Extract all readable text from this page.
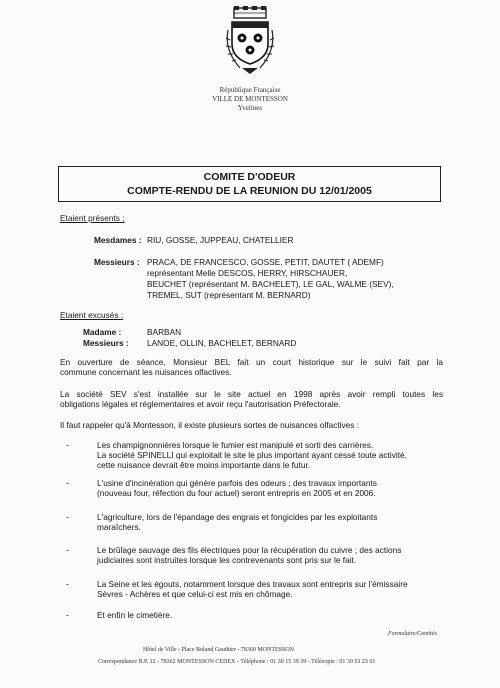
République Française
VILLE DE MONTESSON
Yvelines
COMITE D'ODEUR
COMPTE-RENDU DE LA REUNION DU 12/01/2005
Etaient présents :
Mesdames : RIU, GOSSE, JUPPEAU, CHATELLIER
Messieurs : PRACA, DE FRANCESCO, GOSSE, PETIT, DAUTET ( ADEMF)
représentant Melle DESCOS, HERRY, HIRSCHAUER,
BEUCHET (représentant M. BACHELET), LE GAL, WALME (SEV),
TREMEL, SUT (représentant M. BERNARD)
Etaient excusés :
Madame :	BARBAN
Messieurs : LANOE, OLLIN, BACHELET, BERNARD
En ouverture de séance, Monsieur BEL fait un court historique sur le suivi fait par la
commune concernant les nuisances olfactives.
La société SEV s'est installée sur le site actuel en 1998 après avoir rempli toutes les
obligations légales et réglementaires et avoir reçu l'autorisation Préfectorale.
Il faut rappeler qu'à Montesson, il existe plusieurs sortes de nuisances olfactives :
-	Les champignonnières lorsque le fumier est manipulé et sorti des carrières.
La société SPINELLI qui exploitait le site le plus important ayant cessé toute activité,
cette nuisance devrait être moins importante dans le futur.
-	L'usine d'incinération qui génère parfois des odeurs ; des travaux importants
(nouveau four, réfection du four actuel) seront entrepris en 2005 et en 2006.
-	L'agriculture, lors de l'épandage des engrais et fongicides par les exploitants
maraîchers.
-	Le brûlage sauvage des fils électriques pour la récupération du cuivre ; des actions
judiciaires sont instruites lorsque les contrevenants sont pris sur le fait.
-	La Seine et les égouts, notamment lorsque des travaux sont entrepris sur l'émissaire
Sèvres - Achères et que celui-ci est mis en chômage.
-	Et enfin le cimetière.
Formulaire/Comités
Hôtel de Ville - Place Roland Gauthier - 78360 MONTESSON
Correspondance B.P. 12 - 78362 MONTESSON CEDEX - Téléphone : 01 30 15 39 39 - Télécopie : 01 30 53 23 01
